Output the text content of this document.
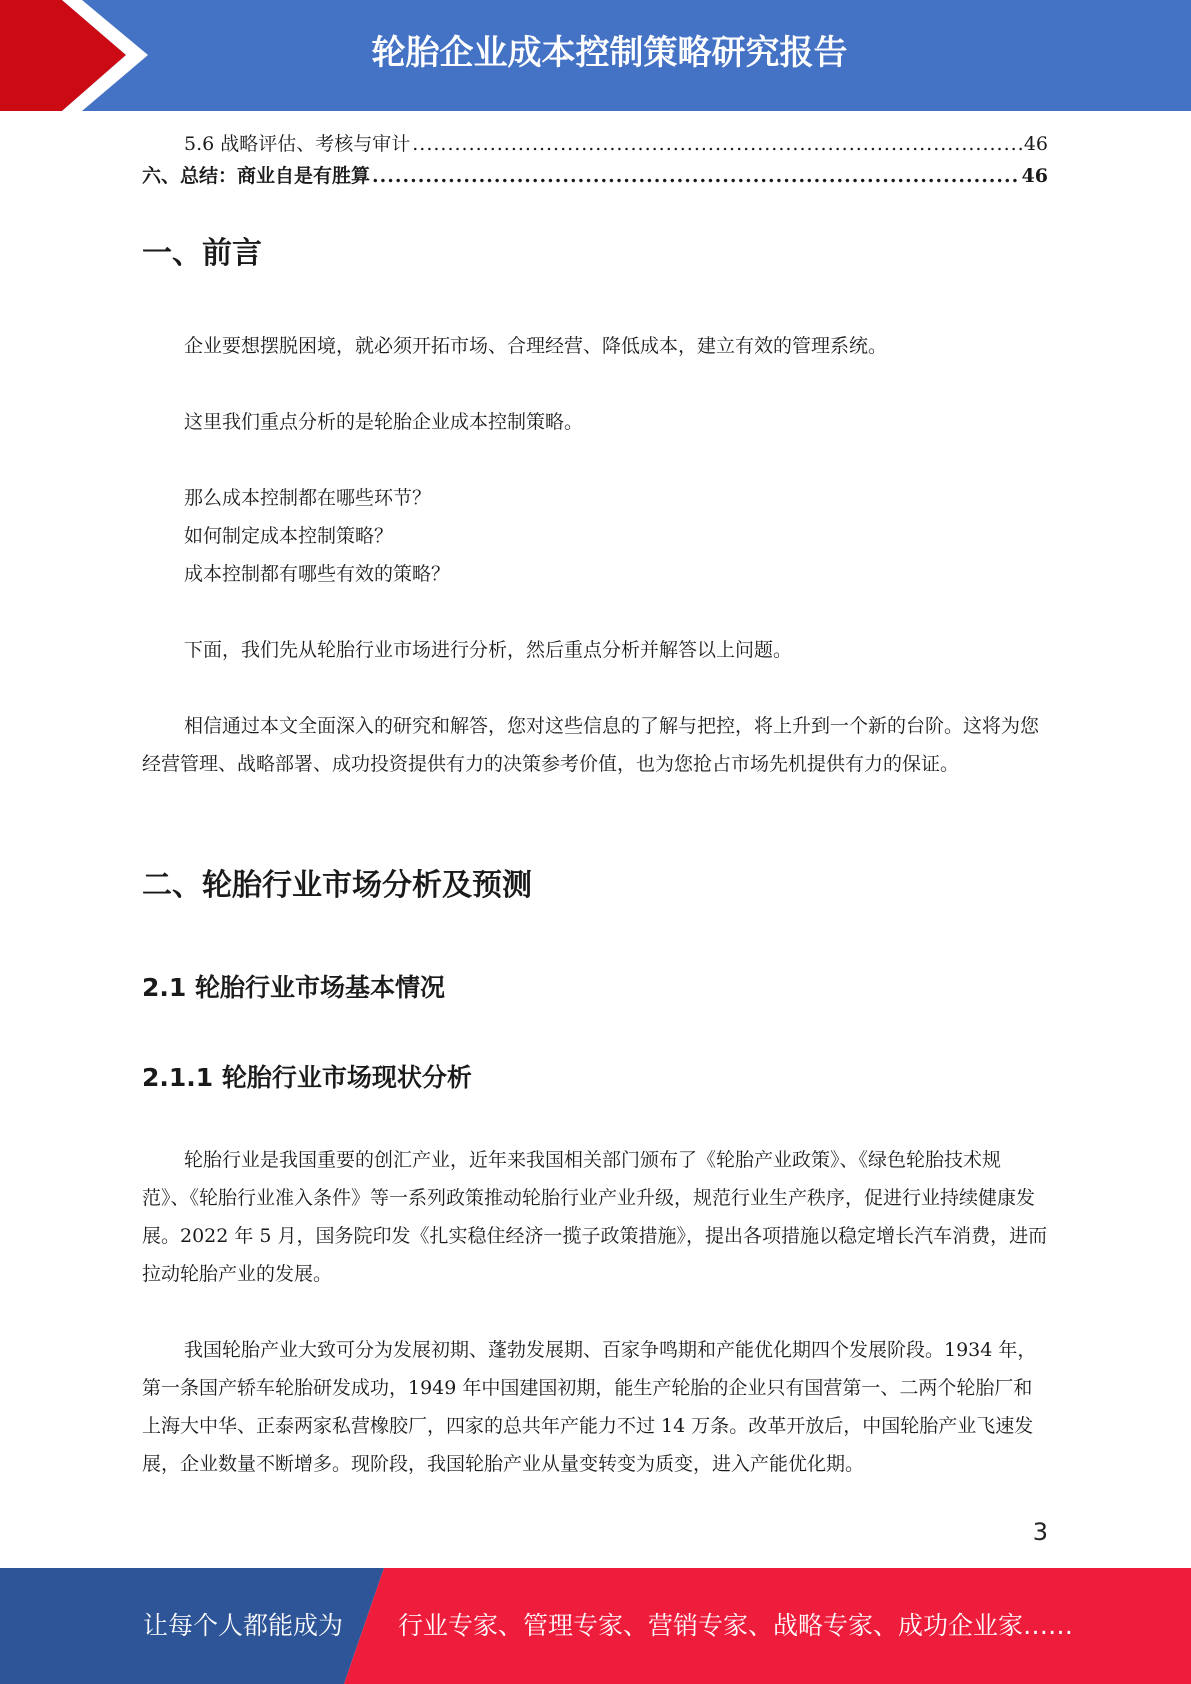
轮胎企业成本控制策略研究报告
5.6 战略评估、考核与审计 .....	46
六、总结：商业自是有胜算 .....	46
一、前言

企业要想摆脱困境，就必须开拓市场、合理经营、降低成本，建立有效的管理系统。

这里我们重点分析的是轮胎企业成本控制策略。

那么成本控制都在哪些环节？

如何制定成本控制策略？

成本控制都有哪些有效的策略？

下面，我们先从轮胎行业市场进行分析，然后重点分析并解答以上问题。

相信通过本文全面深入的研究和解答，您对这些信息的了解与把控，将上升到一个新的台阶。这将为您经营管理、战略部署、成功投资提供有力的决策参考价值，也为您抢占市场先机提供有力的保证。

二、轮胎行业市场分析及预测
2.1 轮胎行业市场基本情况
2.1.1 轮胎行业市场现状分析

轮胎行业是我国重要的创汇产业，近年来我国相关部门颁布了《轮胎产业政策》、《绿色轮胎技术规范》、《轮胎行业准入条件》等一系列政策推动轮胎行业产业升级，规范行业生产秩序，促进行业持续健康发展。2022 年 5 月，国务院印发《扎实稳住经济一揽子政策措施》，提出各项措施以稳定增长汽车消费，进而拉动轮胎产业的发展。

我国轮胎产业大致可分为发展初期、蓬勃发展期、百家争鸣期和产能优化期四个发展阶段。1934 年，第一条国产轿车轮胎研发成功，1949 年中国建国初期，能生产轮胎的企业只有国营第一、二两个轮胎厂和上海大中华、正泰两家私营橡胶厂，四家的总共年产能力不过 14 万条。改革开放后，中国轮胎产业飞速发展，企业数量不断增多。现阶段，我国轮胎产业从量变转变为质变，进入产能优化期。

3
让每个人都能成为 行业专家、管理专家、营销专家、战略专家、成功企业家……
